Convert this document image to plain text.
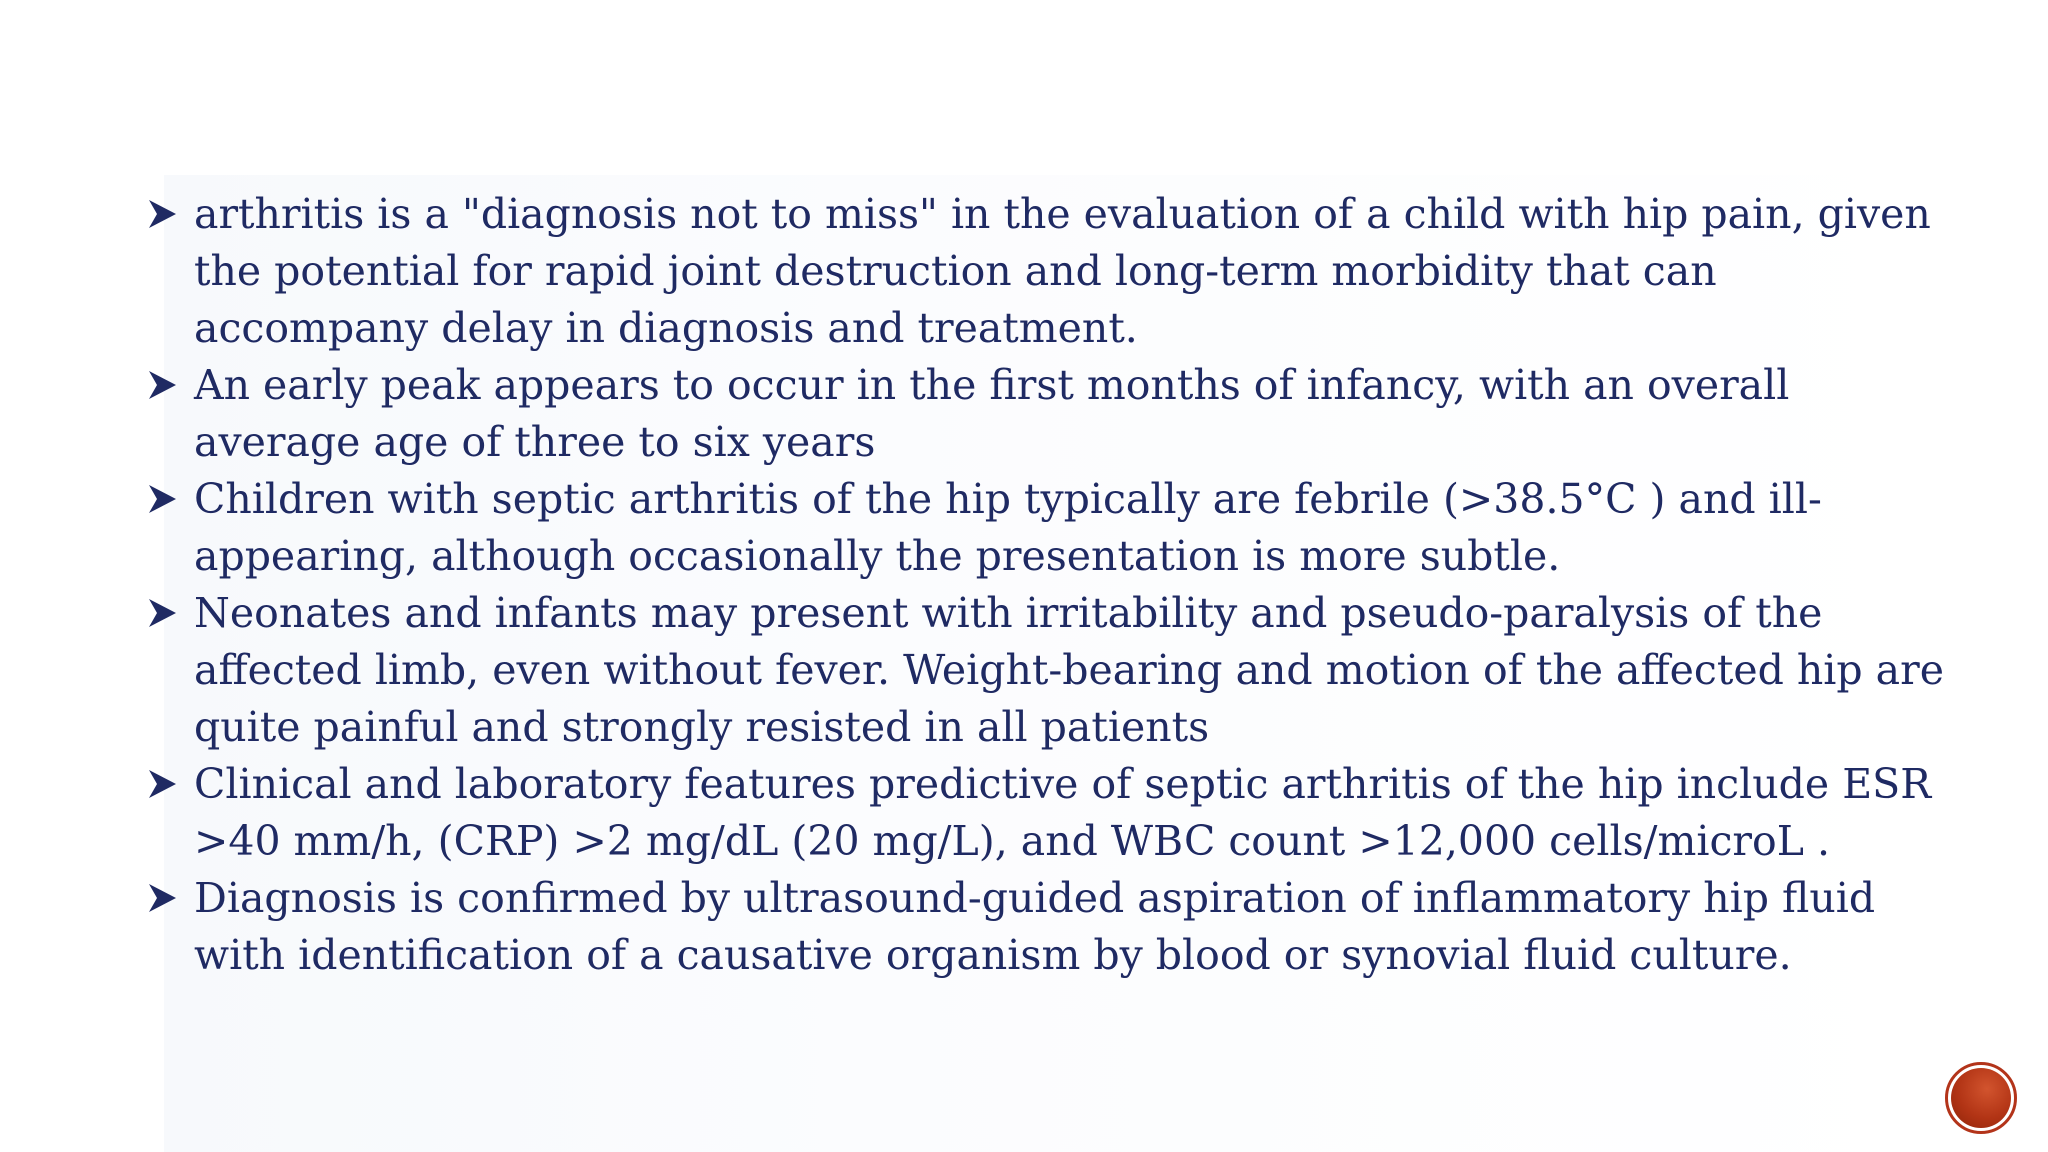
arthritis is a "diagnosis not to miss" in the evaluation of a child with hip pain, given the potential for rapid joint destruction and long-term morbidity that can accompany delay in diagnosis and treatment.
An early peak appears to occur in the first months of infancy, with an overall average age of three to six years
Children with septic arthritis of the hip typically are febrile (>38.5°C ) and ill-appearing, although occasionally the presentation is more subtle.
Neonates and infants may present with irritability and pseudo-paralysis of the affected limb, even without fever. Weight-bearing and motion of the affected hip are quite painful and strongly resisted in all patients
Clinical and laboratory features predictive of septic arthritis of the hip include ESR >40 mm/h, (CRP) >2 mg/dL (20 mg/L), and WBC count >12,000 cells/microL .
Diagnosis is confirmed by ultrasound-guided aspiration of inflammatory hip fluid with identification of a causative organism by blood or synovial fluid culture.
